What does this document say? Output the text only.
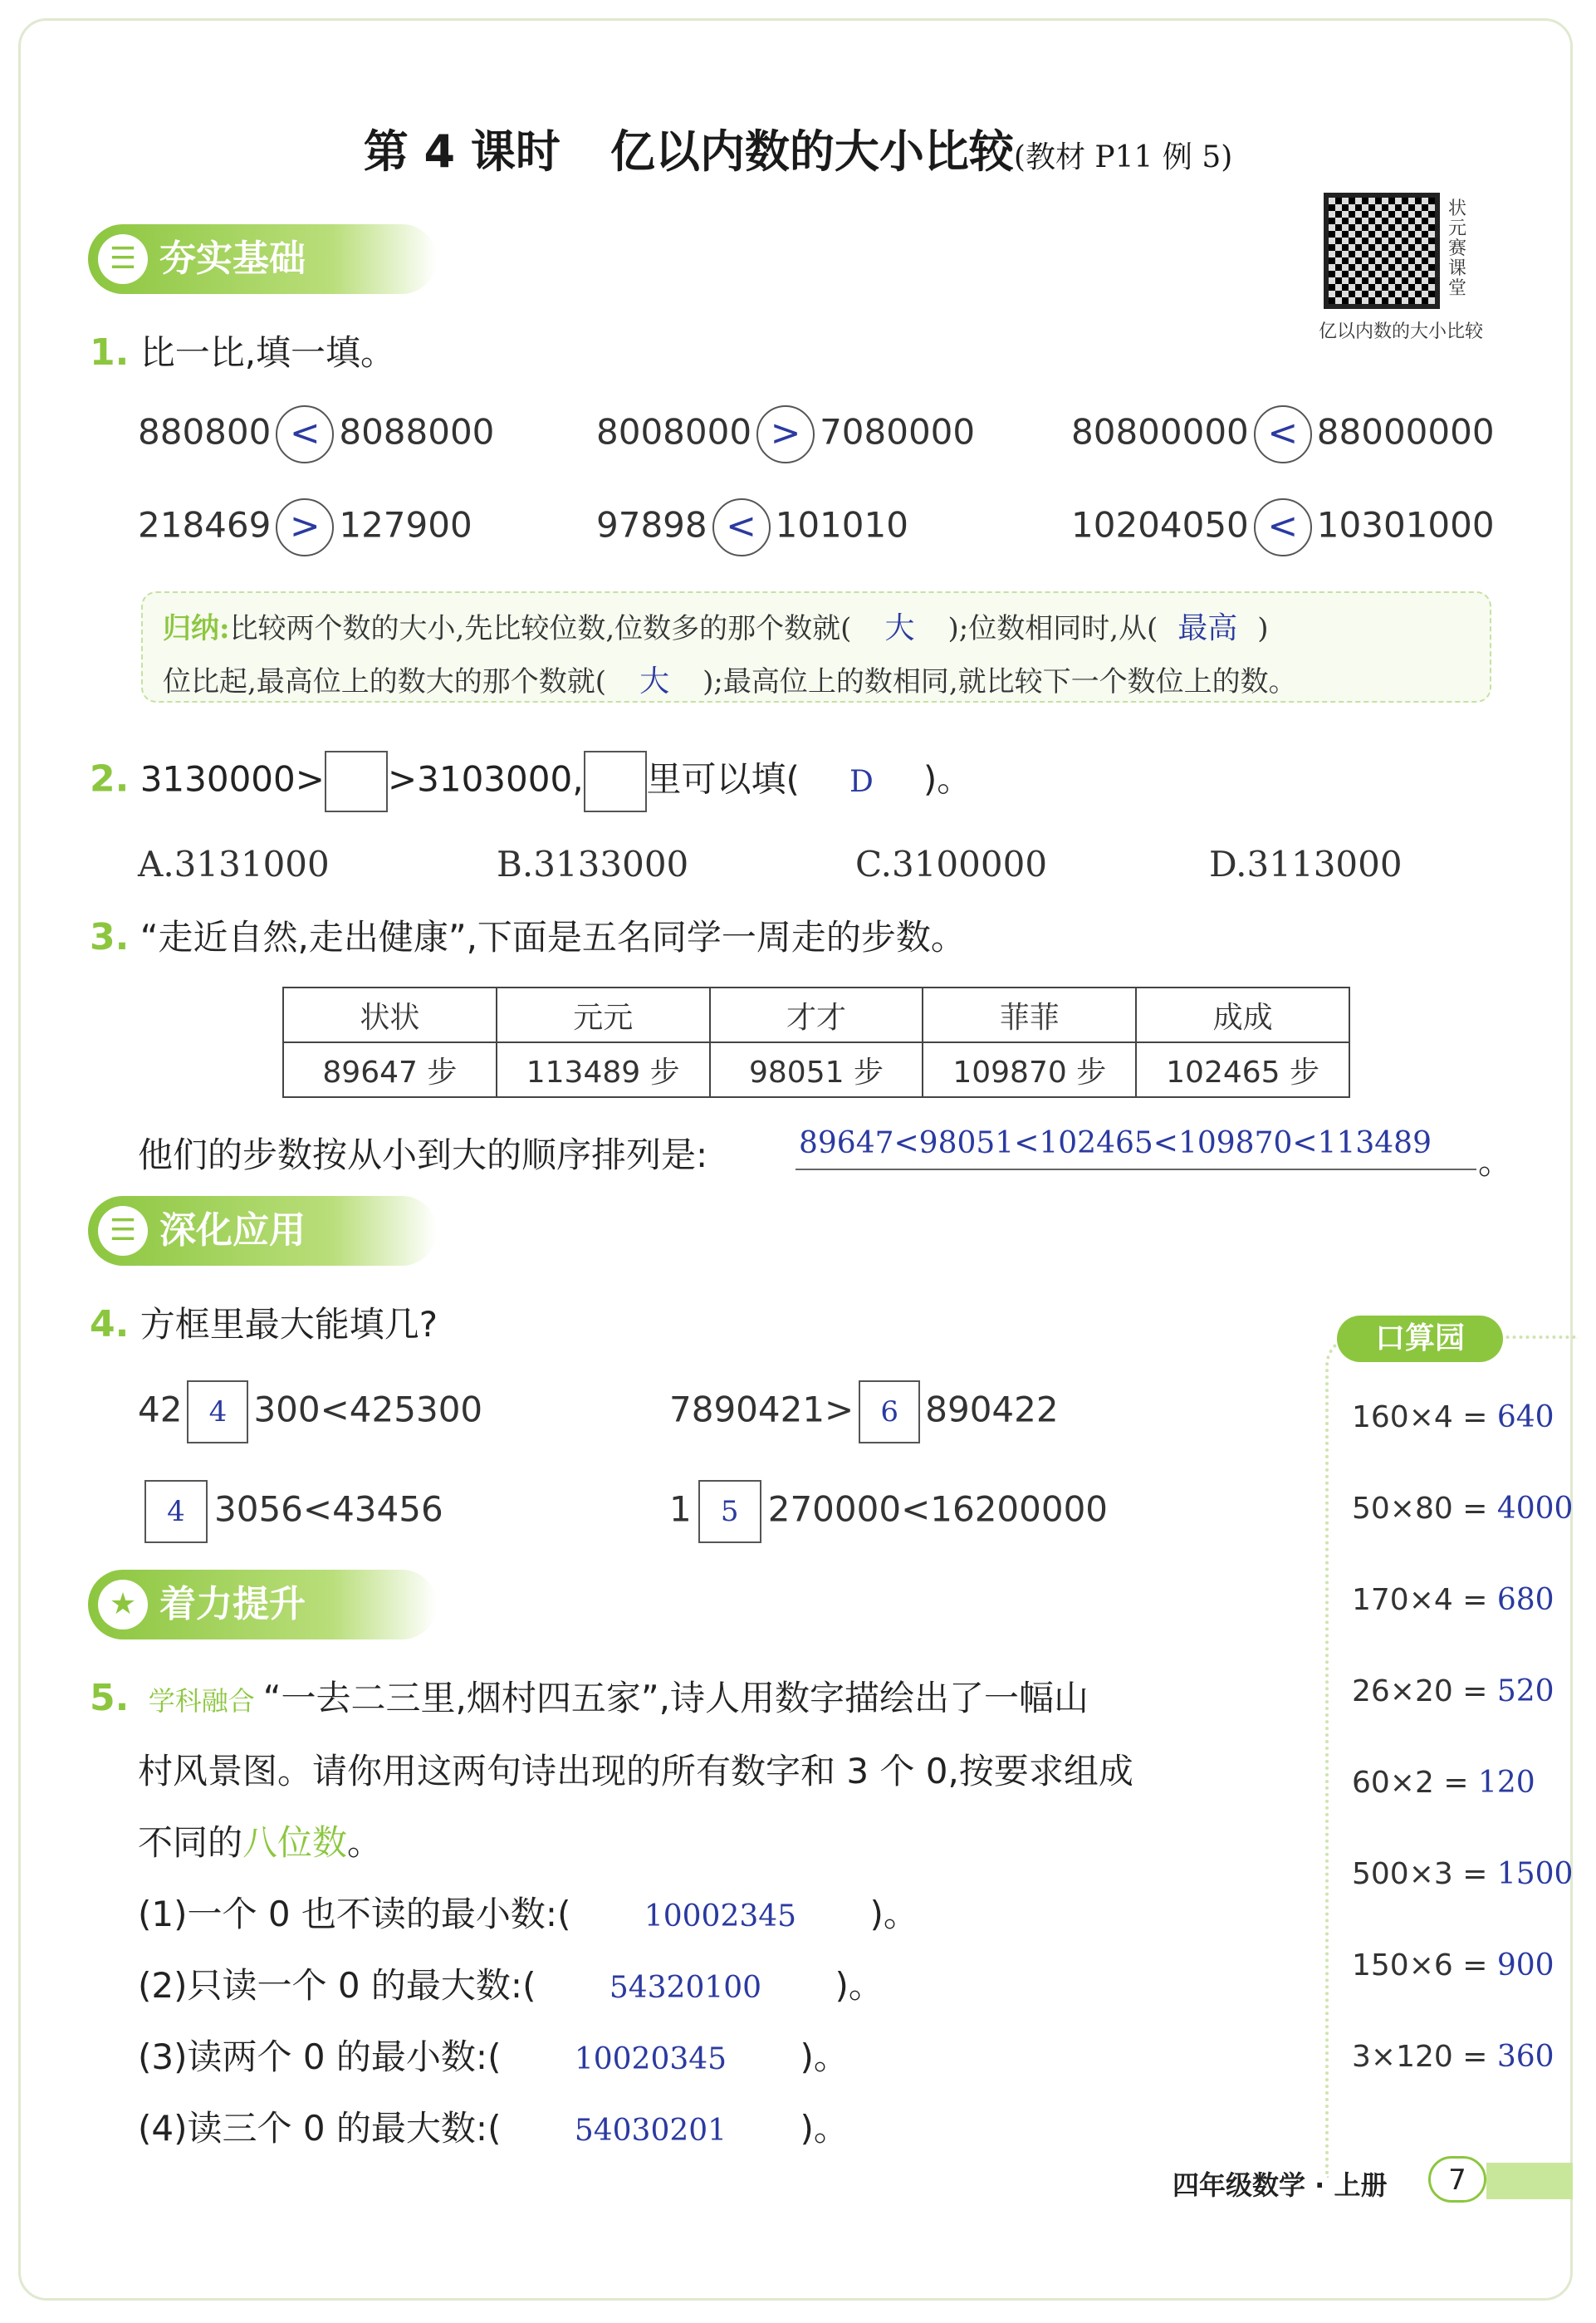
第 4 课时 亿以内数的大小比较(教材 P11 例 5)
状元赛课堂
亿以内数的大小比较
☰ 夯实基础
1. 比一比,填一填。
880800 < 8088000	8008000 > 7080000	80800000 < 88000000
218469 > 127900	97898 < 101010	10204050 < 10301000
归纳:比较两个数的大小,先比较位数,位数多的那个数就( 大 );位数相同时,从( 最高 )
位比起,最高位上的数大的那个数就( 大 );最高位上的数相同,就比较下一个数位上的数。
2. 3130000> >3103000, 里可以填( D )。
A.3131000	B.3133000	C.3100000	D.3113000
3. “走近自然,走出健康”,下面是五名同学一周走的步数。
状状	元元	才才	菲菲	成成
89647 步	113489 步	98051 步	109870 步	102465 步
他们的步数按从小到大的顺序排列是:	89647<98051<102465<109870<113489 。
☰ 深化应用
4. 方框里最大能填几?
42 4 300<425300	7890421> 6 890422
4 3056<43456	1 5 270000<16200000
★ 着力提升
5. 学科融合 “一去二三里,烟村四五家”,诗人用数字描绘出了一幅山
村风景图。请你用这两句诗出现的所有数字和 3 个 0,按要求组成
不同的八位数。
(1)一个 0 也不读的最小数:( 10002345 )。
(2)只读一个 0 的最大数:( 54320100 )。
(3)读两个 0 的最小数:( 10020345 )。
(4)读三个 0 的最大数:( 54030201 )。
口算园
160×4 = 640
50×80 = 4000
170×4 = 680
26×20 = 520
60×2 = 120
500×3 = 1500
150×6 = 900
3×120 = 360
四年级数学 · 上册	7
